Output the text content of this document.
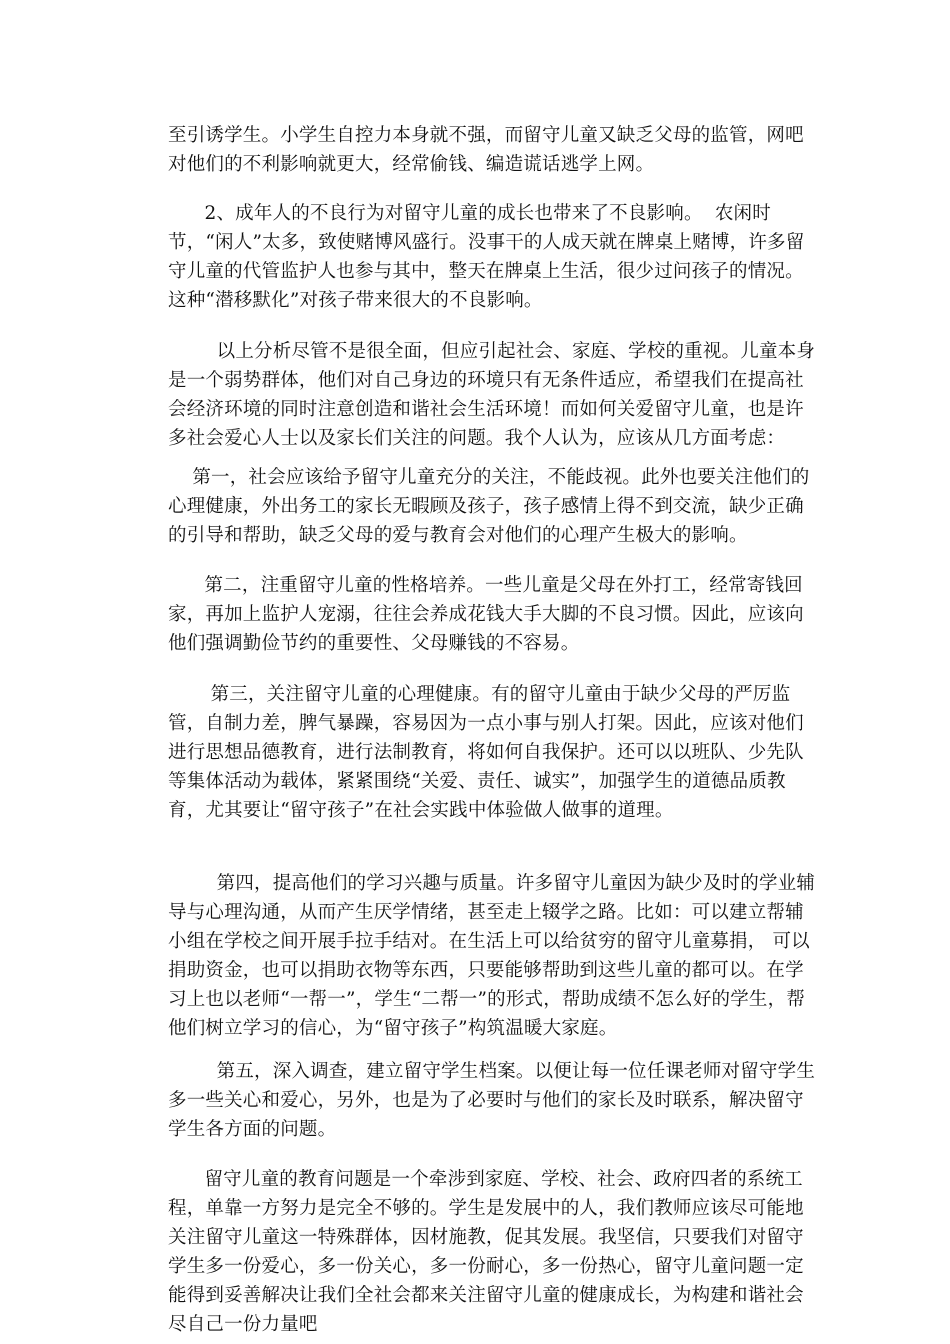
至引诱学生。小学生自控力本身就不强，而留守儿童又缺乏父母的监管，网吧对他们的不利影响就更大，经常偷钱、编造谎话逃学上网。

2、成年人的不良行为对留守儿童的成长也带来了不良影响。  农闲时节，“闲人”太多，致使赌博风盛行。没事干的人成天就在牌桌上赌博，许多留守儿童的代管监护人也参与其中，整天在牌桌上生活，很少过问孩子的情况。这种“潜移默化”对孩子带来很大的不良影响。

以上分析尽管不是很全面，但应引起社会、家庭、学校的重视。儿童本身是一个弱势群体，他们对自己身边的环境只有无条件适应，希望我们在提高社会经济环境的同时注意创造和谐社会生活环境！而如何关爱留守儿童，也是许多社会爱心人士以及家长们关注的问题。我个人认为，应该从几方面考虑：

第一，社会应该给予留守儿童充分的关注，不能歧视。此外也要关注他们的心理健康，外出务工的家长无暇顾及孩子，孩子感情上得不到交流，缺少正确的引导和帮助，缺乏父母的爱与教育会对他们的心理产生极大的影响。

第二，注重留守儿童的性格培养。一些儿童是父母在外打工，经常寄钱回家，再加上监护人宠溺，往往会养成花钱大手大脚的不良习惯。因此，应该向他们强调勤俭节约的重要性、父母赚钱的不容易。

第三，关注留守儿童的心理健康。有的留守儿童由于缺少父母的严厉监管，自制力差，脾气暴躁，容易因为一点小事与别人打架。因此，应该对他们进行思想品德教育，进行法制教育，将如何自我保护。还可以以班队、少先队等集体活动为载体，紧紧围绕“关爱、责任、诚实”，加强学生的道德品质教育，尤其要让“留守孩子”在社会实践中体验做人做事的道理。

第四，提高他们的学习兴趣与质量。许多留守儿童因为缺少及时的学业辅导与心理沟通，从而产生厌学情绪，甚至走上辍学之路。比如：可以建立帮辅小组在学校之间开展手拉手结对。在生活上可以给贫穷的留守儿童募捐， 可以捐助资金，也可以捐助衣物等东西，只要能够帮助到这些儿童的都可以。在学习上也以老师“一帮一”，学生“二帮一”的形式，帮助成绩不怎么好的学生，帮他们树立学习的信心，为“留守孩子”构筑温暖大家庭。

第五，深入调查，建立留守学生档案。以便让每一位任课老师对留守学生多一些关心和爱心，另外，也是为了必要时与他们的家长及时联系，解决留守学生各方面的问题。

留守儿童的教育问题是一个牵涉到家庭、学校、社会、政府四者的系统工程，单靠一方努力是完全不够的。学生是发展中的人，我们教师应该尽可能地关注留守儿童这一特殊群体，因材施教，促其发展。我坚信，只要我们对留守学生多一份爱心，多一份关心，多一份耐心，多一份热心，留守儿童问题一定能得到妥善解决让我们全社会都来关注留守儿童的健康成长，为构建和谐社会尽自己一份力量吧
